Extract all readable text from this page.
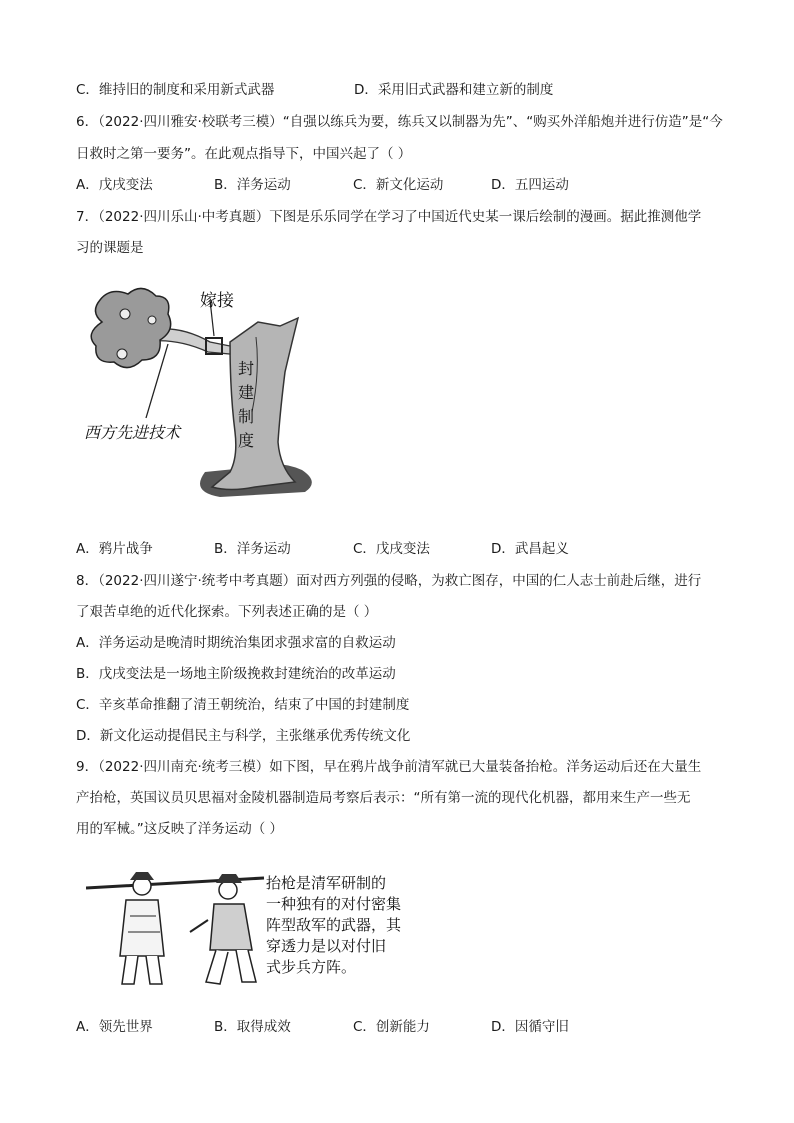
C．维持旧的制度和采用新式武器	D．采用旧式武器和建立新的制度
6．（2022·四川雅安·校联考三模）“自强以练兵为要，练兵又以制器为先”、“购买外洋船炮并进行仿造”是“今
日救时之第一要务”。在此观点指导下，中国兴起了（ ）
A．戊戌变法	B．洋务运动	C．新文化运动	D．五四运动
7．（2022·四川乐山·中考真题）下图是乐乐同学在学习了中国近代史某一课后绘制的漫画。据此推测他学
习的课题是
嫁接
封
建
制
度
西方先进技术
A．鸦片战争	B．洋务运动	C．戊戌变法	D．武昌起义
8．（2022·四川遂宁·统考中考真题）面对西方列强的侵略，为救亡图存，中国的仁人志士前赴后继，进行
了艰苦卓绝的近代化探索。下列表述正确的是（ ）
A．洋务运动是晚清时期统治集团求强求富的自救运动
B．戊戌变法是一场地主阶级挽救封建统治的改革运动
C．辛亥革命推翻了清王朝统治，结束了中国的封建制度
D．新文化运动提倡民主与科学，主张继承优秀传统文化
9．（2022·四川南充·统考三模）如下图，早在鸦片战争前清军就已大量装备抬枪。洋务运动后还在大量生
产抬枪，英国议员贝思福对金陵机器制造局考察后表示：“所有第一流的现代化机器，都用来生产一些无
用的军械。”这反映了洋务运动（ ）
抬枪是清军研制的
一种独有的对付密集
阵型敌军的武器，其
穿透力是以对付旧
式步兵方阵。
A．领先世界	B．取得成效	C．创新能力	D．因循守旧
